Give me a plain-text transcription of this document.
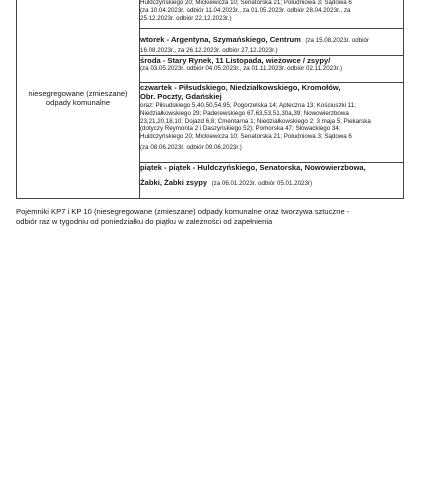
niesegregowane (zmieszane) odpady komunalne	
Huldczyńskiego 20; Mickiewicza 10; Senatorska 21; Południowa 3; Sądowa 6
(za 10.04.2023r. odbiór 11.04.2023r., za 01.05.2023r. odbiór 28.04.2023r., za
25.12.2023r. odbiór 22.12.2023r.)

wtorek - Argentyna, Szymańskiego, Centrum (za 15.08.2023r. odbiór
16.08.2023r., za 26.12.2023r. odbiór 27.12.2023r.)

środa - Stary Rynek, 11 Listopada, wieżowce / zsypy/
(za 03.05.2023r. odbiór 04.05.2023r., za 01.11.2023r. odbiór 02.11.2023r.)

czwartek - Piłsudskiego, Niedziałkowskiego, Kromołów,
Obr. Poczty, Gdańskiej
oraz: Piłsudskiego 5,40,50,54,95; Pogorzelska 14; Apteczna 13; Kościuszki 11;
Niedziałkowskiego 29; Paderewskiego 67,63,53,51,30a,39; Nowowierzbowa
23,21,20,18,10; Dojazd 6,8; Cmentarna 1; Niedziałkowskiego 2; 3 maja 5; Piekarska
(dotyczy Reymonta 2 i Daszyńskiego 52); Pomorska 47; Słowackiego 34;
Huldczyńskiego 20; Mickiewicza 10; Senatorska 21; Południowa 3; Sądowa 6
(za 08.06.2023r. odbiór 09.06.2023r.)

piątek - piątek - Huldczyńskiego, Senatorska, Nowowierzbowa,
Żabki, Żabki zsypy (za 06.01.2023r. odbiór 05.01.2023r)
Pojemniki KP7 i KP 10 (niesegregowane (zmieszane) odpady komunalne oraz tworzywa sztuczne -
odbiór raz w tygodniu od poniedziałku do piątku w zależności od zapełnienia
